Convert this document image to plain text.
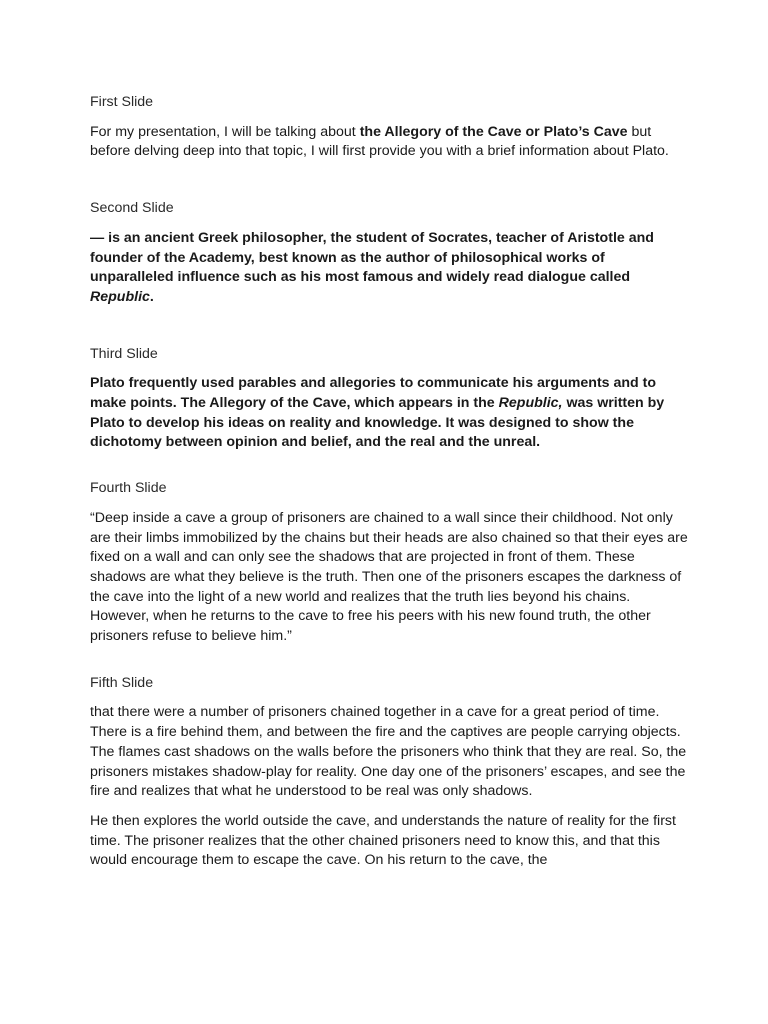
First Slide

For my presentation, I will be talking about the Allegory of the Cave or Plato’s Cave but before delving deep into that topic, I will first provide you with a brief information about Plato.

Second Slide

— is an ancient Greek philosopher, the student of Socrates, teacher of Aristotle and founder of the Academy, best known as the author of philosophical works of unparalleled influence such as his most famous and widely read dialogue called Republic.

Third Slide

Plato frequently used parables and allegories to communicate his arguments and to make points. The Allegory of the Cave, which appears in the Republic, was written by Plato to develop his ideas on reality and knowledge. It was designed to show the dichotomy between opinion and belief, and the real and the unreal.

Fourth Slide

“Deep inside a cave a group of prisoners are chained to a wall since their childhood. Not only are their limbs immobilized by the chains but their heads are also chained so that their eyes are fixed on a wall and can only see the shadows that are projected in front of them. These shadows are what they believe is the truth. Then one of the prisoners escapes the darkness of the cave into the light of a new world and realizes that the truth lies beyond his chains. However, when he returns to the cave to free his peers with his new found truth, the other prisoners refuse to believe him.”

Fifth Slide

that there were a number of prisoners chained together in a cave for a great period of time. There is a fire behind them, and between the fire and the captives are people carrying objects. The flames cast shadows on the walls before the prisoners who think that they are real. So, the prisoners mistakes shadow-play for reality. One day one of the prisoners’ escapes, and see the fire and realizes that what he understood to be real was only shadows.

He then explores the world outside the cave, and understands the nature of reality for the first time. The prisoner realizes that the other chained prisoners need to know this, and that this would encourage them to escape the cave. On his return to the cave, the
